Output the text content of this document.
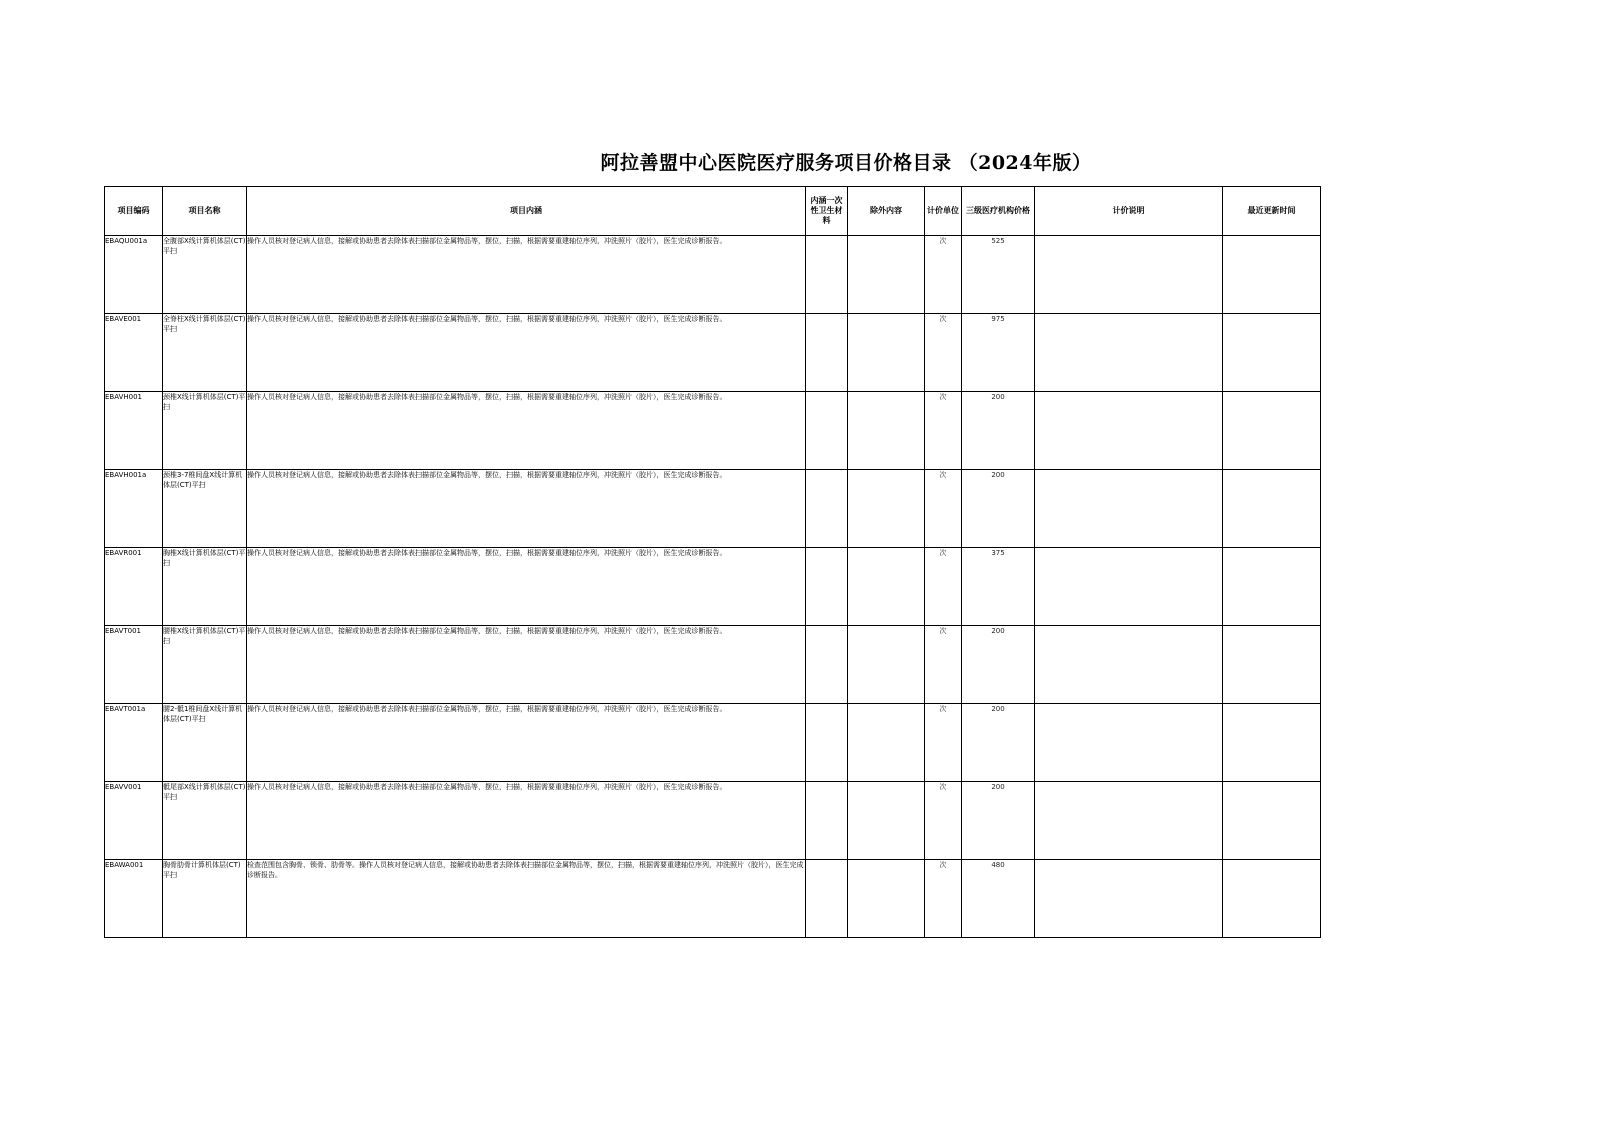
阿拉善盟中心医院医疗服务项目价格目录 （2024年版）
项目编码	项目名称	项目内涵	内涵一次性卫生材料	除外内容	计价单位	三级医疗机构价格	计价说明	最近更新时间
EBAQU001a	全腹部X线计算机体层(CT)平扫	操作人员核对登记病人信息，接解或协助患者去除体表扫描部位金属物品等，摆位，扫描，根据需要重建轴位序列，冲洗照片（胶片），医生完成诊断报告。			次	525		
EBAVE001	全脊柱X线计算机体层(CT)平扫	操作人员核对登记病人信息，接解或协助患者去除体表扫描部位金属物品等，摆位，扫描，根据需要重建轴位序列，冲洗照片（胶片），医生完成诊断报告。			次	975		
EBAVH001	颈椎X线计算机体层(CT)平扫	操作人员核对登记病人信息，接解或协助患者去除体表扫描部位金属物品等，摆位，扫描，根据需要重建轴位序列，冲洗照片（胶片），医生完成诊断报告。			次	200		
EBAVH001a	颈椎3-7椎间盘X线计算机体层(CT)平扫	操作人员核对登记病人信息，接解或协助患者去除体表扫描部位金属物品等，摆位，扫描，根据需要重建轴位序列，冲洗照片（胶片），医生完成诊断报告。			次	200		
EBAVR001	胸椎X线计算机体层(CT)平扫	操作人员核对登记病人信息，接解或协助患者去除体表扫描部位金属物品等，摆位，扫描，根据需要重建轴位序列，冲洗照片（胶片），医生完成诊断报告。			次	375		
EBAVT001	腰椎X线计算机体层(CT)平扫	操作人员核对登记病人信息，接解或协助患者去除体表扫描部位金属物品等，摆位，扫描，根据需要重建轴位序列，冲洗照片（胶片），医生完成诊断报告。			次	200		
EBAVT001a	腰2-骶1椎间盘X线计算机体层(CT)平扫	操作人员核对登记病人信息，接解或协助患者去除体表扫描部位金属物品等，摆位，扫描，根据需要重建轴位序列，冲洗照片（胶片），医生完成诊断报告。			次	200		
EBAVV001	骶尾部X线计算机体层(CT)平扫	操作人员核对登记病人信息，接解或协助患者去除体表扫描部位金属物品等，摆位，扫描，根据需要重建轴位序列，冲洗照片（胶片），医生完成诊断报告。			次	200		
EBAWA001	胸骨肋骨计算机体层(CT)平扫	检查范围包含胸骨、锁骨、肋骨等。操作人员核对登记病人信息，接解或协助患者去除体表扫描部位金属物品等，摆位，扫描，根据需要重建轴位序列，冲洗照片（胶片），医生完成诊断报告。			次	480		
